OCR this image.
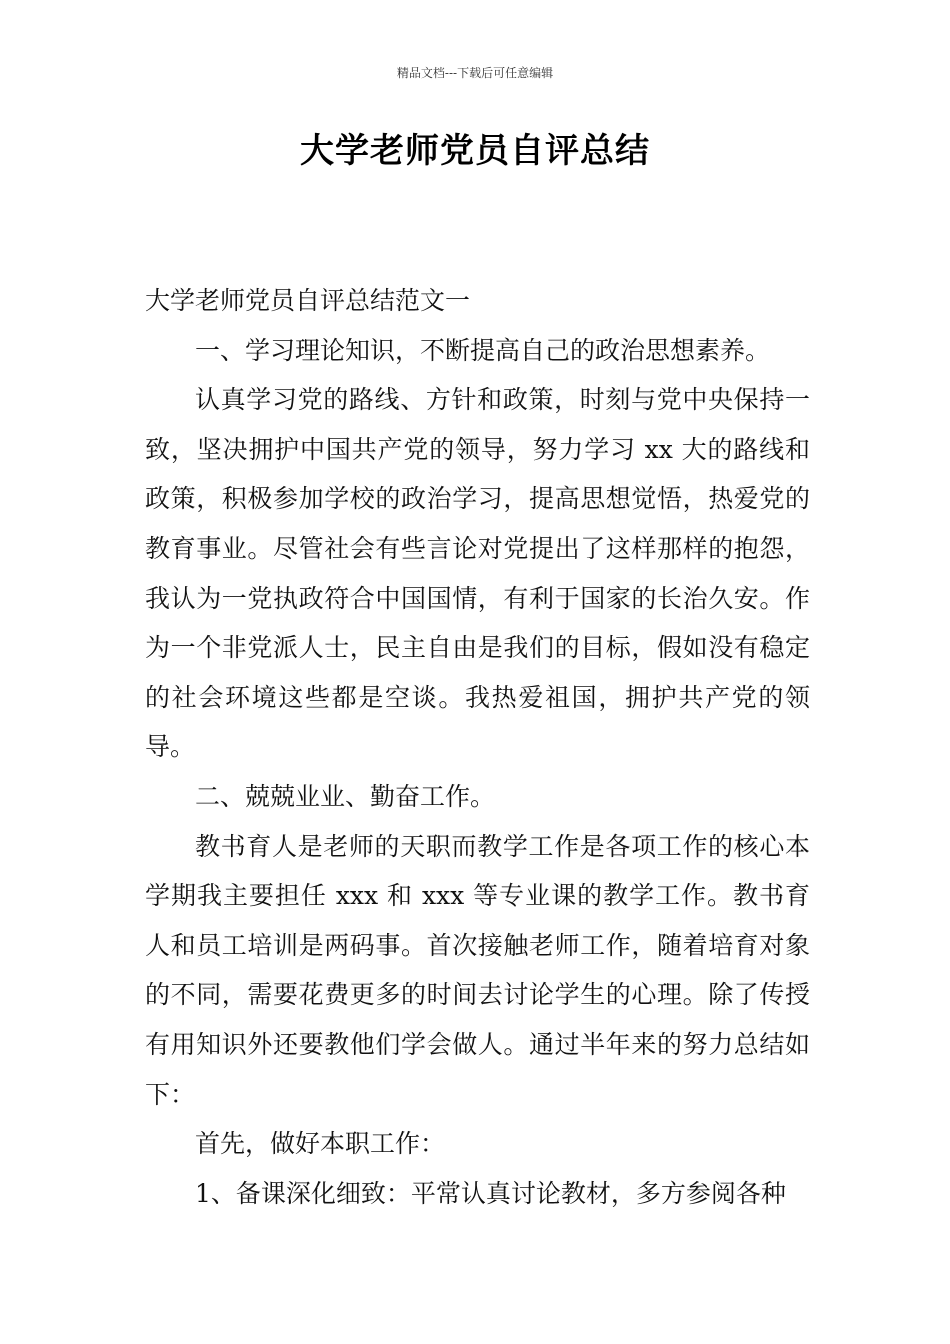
精品文档---下载后可任意编辑
大学老师党员自评总结

大学老师党员自评总结范文一

一、学习理论知识，不断提高自己的政治思想素养。

认真学习党的路线、方针和政策，时刻与党中央保持一致，坚决拥护中国共产党的领导，努力学习 xx 大的路线和政策，积极参加学校的政治学习，提高思想觉悟，热爱党的教育事业。尽管社会有些言论对党提出了这样那样的抱怨，我认为一党执政符合中国国情，有利于国家的长治久安。作为一个非党派人士，民主自由是我们的目标，假如没有稳定的社会环境这些都是空谈。我热爱祖国，拥护共产党的领导。

二、兢兢业业、勤奋工作。

教书育人是老师的天职而教学工作是各项工作的核心本学期我主要担任 xxx 和 xxx 等专业课的教学工作。教书育人和员工培训是两码事。首次接触老师工作，随着培育对象的不同，需要花费更多的时间去讨论学生的心理。除了传授有用知识外还要教他们学会做人。通过半年来的努力总结如下：

首先，做好本职工作：

1、备课深化细致：平常认真讨论教材，多方参阅各种
